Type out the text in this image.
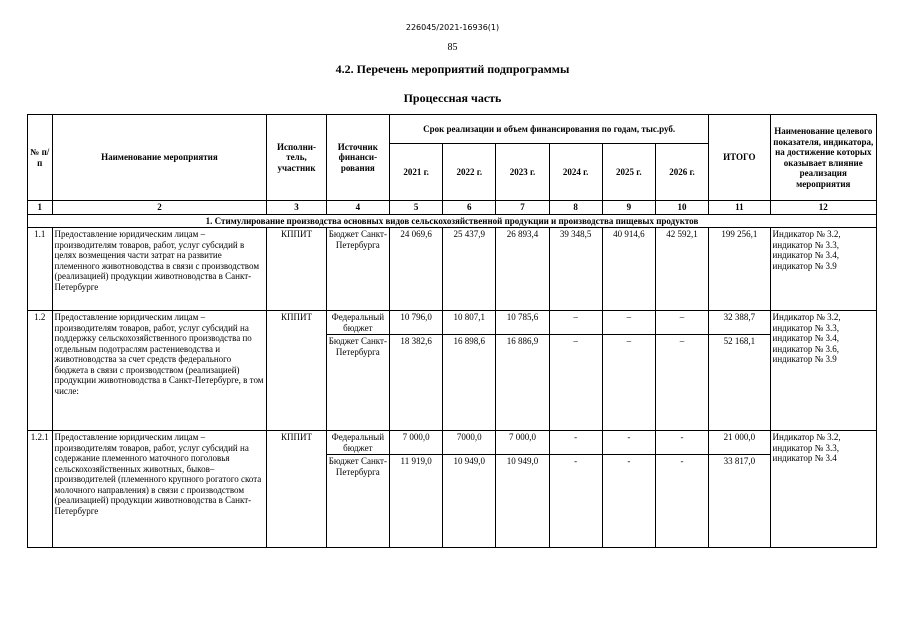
226045/2021-16936(1)
85
4.2. Перечень мероприятий подпрограммы
Процессная часть
№ п/п	Наименование мероприятия	Исполни-тель, участник	Источник финанси-рования	Срок реализации и объем финансирования по годам, тыс.руб.						ИТОГО	Наименование целевого показателя, индикатора, на достижение которых оказывает влияние реализация мероприятия
				2021 г.	2022 г.	2023 г.	2024 г.	2025 г.	2026 г.		
1	2	3	4	5	6	7	8	9	10	11	12
1. Стимулирование производства основных видов сельскохозяйственной продукции и производства пищевых продуктов											
1.1	Предоставление юридическим лицам – производителям товаров, работ, услуг субсидий в целях возмещения части затрат на развитие племенного животноводства в связи с производством (реализацией) продукции животноводства в Санкт-Петербурге	КППИТ	Бюджет Санкт-Петербурга	24 069,6	25 437,9	26 893,4	39 348,5	40 914,6	42 592,1	199 256,1	Индикатор № 3.2, индикатор № 3.3, индикатор № 3.4, индикатор № 3.9
1.2	Предоставление юридическим лицам – производителям товаров, работ, услуг субсидий на поддержку сельскохозяйственного производства по отдельным подотраслям растениеводства и животноводства за счет средств федерального бюджета в связи с производством (реализацией) продукции животноводства в Санкт-Петербурге, в том числе:	КППИТ	Федеральный бюджет	10 796,0	10 807,1	10 785,6	–	–	–	32 388,7	Индикатор № 3.2, индикатор № 3.3, индикатор № 3.4, индикатор № 3.6, индикатор № 3.9
			Бюджет Санкт-Петербурга	18 382,6	16 898,6	16 886,9	–	–	–	52 168,1	
1.2.1	Предоставление юридическим лицам – производителям товаров, работ, услуг субсидий на содержание племенного маточного поголовья сельскохозяйственных животных, быков–производителей (племенного крупного рогатого скота молочного направления) в связи с производством (реализацией) продукции животноводства в Санкт-Петербурге	КППИТ	Федеральный бюджет	7 000,0	7000,0	7 000,0	-	-	-	21 000,0	Индикатор № 3.2, индикатор № 3.3, индикатор № 3.4
			Бюджет Санкт-Петербурга	11 919,0	10 949,0	10 949,0	-	-	-	33 817,0	
